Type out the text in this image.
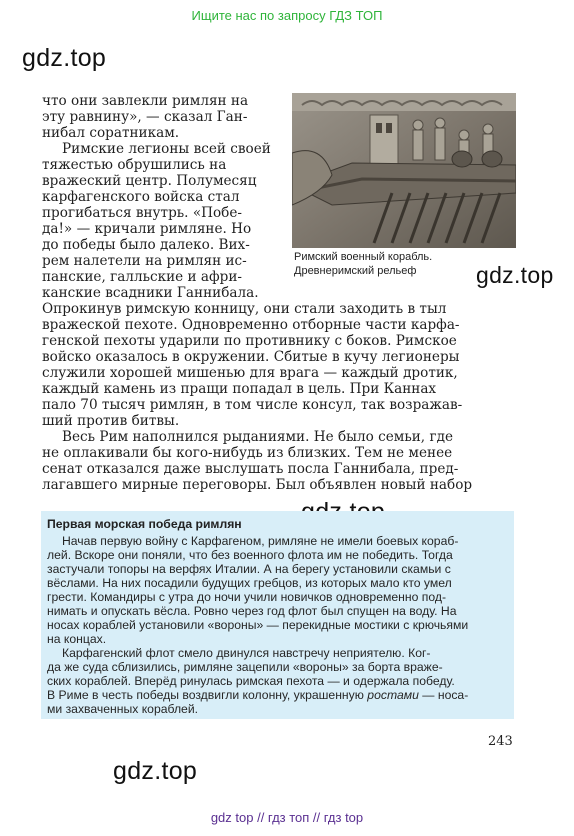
Ищите нас по запросу ГДЗ ТОП
gdz.top
gdz.top
gdz.top
Римский военный корабль.
Древнеримский рельеф
что они завлекли римлян на
эту равнину», — сказал Ган-
нибал соратникам.
Римские легионы всей своей
тяжестью обрушились на
вражеский центр. Полумесяц
карфагенского войска стал
прогибаться внутрь. «Побе-
да!» — кричали римляне. Но
до победы было далеко. Вих-
рем налетели на римлян ис-
панские, галльские и афри-
канские всадники Ганнибала.
Опрокинув римскую конницу, они стали заходить в тыл
вражеской пехоте. Одновременно отборные части карфа-
генской пехоты ударили по противнику с боков. Римское
войско оказалось в окружении. Сбитые в кучу легионеры
служили хорошей мишенью для врага — каждый дротик,
каждый камень из пращи попадал в цель. При Каннах
пало 70 тысяч римлян, в том числе консул, так возражав-
ший против битвы.
Весь Рим наполнился рыданиями. Не было семьи, где
не оплакивали бы кого-нибудь из близких. Тем не менее
сенат отказался даже выслушать посла Ганнибала, пред-
лагавшего мирные переговоры. Был объявлен новый набор
Первая морская победа римлян
Начав первую войну с Карфагеном, римляне не имели боевых кораб-
лей. Вскоре они поняли, что без военного флота им не победить. Тогда
застучали топоры на верфях Италии. А на берегу установили скамьи с
вёслами. На них посадили будущих гребцов, из которых мало кто умел
грести. Командиры с утра до ночи учили новичков одновременно под-
нимать и опускать вёсла. Ровно через год флот был спущен на воду. На
носах кораблей установили «вороны» — перекидные мостики с крючьями
на концах.
Карфагенский флот смело двинулся навстречу неприятелю. Ког-
да же суда сблизились, римляне зацепили «вороны» за борта враже-
ских кораблей. Вперёд ринулась римская пехота — и одержала победу.
В Риме в честь победы воздвигли колонну, украшенную ростами — носа-
ми захваченных кораблей.
243
gdz top // гдз топ // гдз top
